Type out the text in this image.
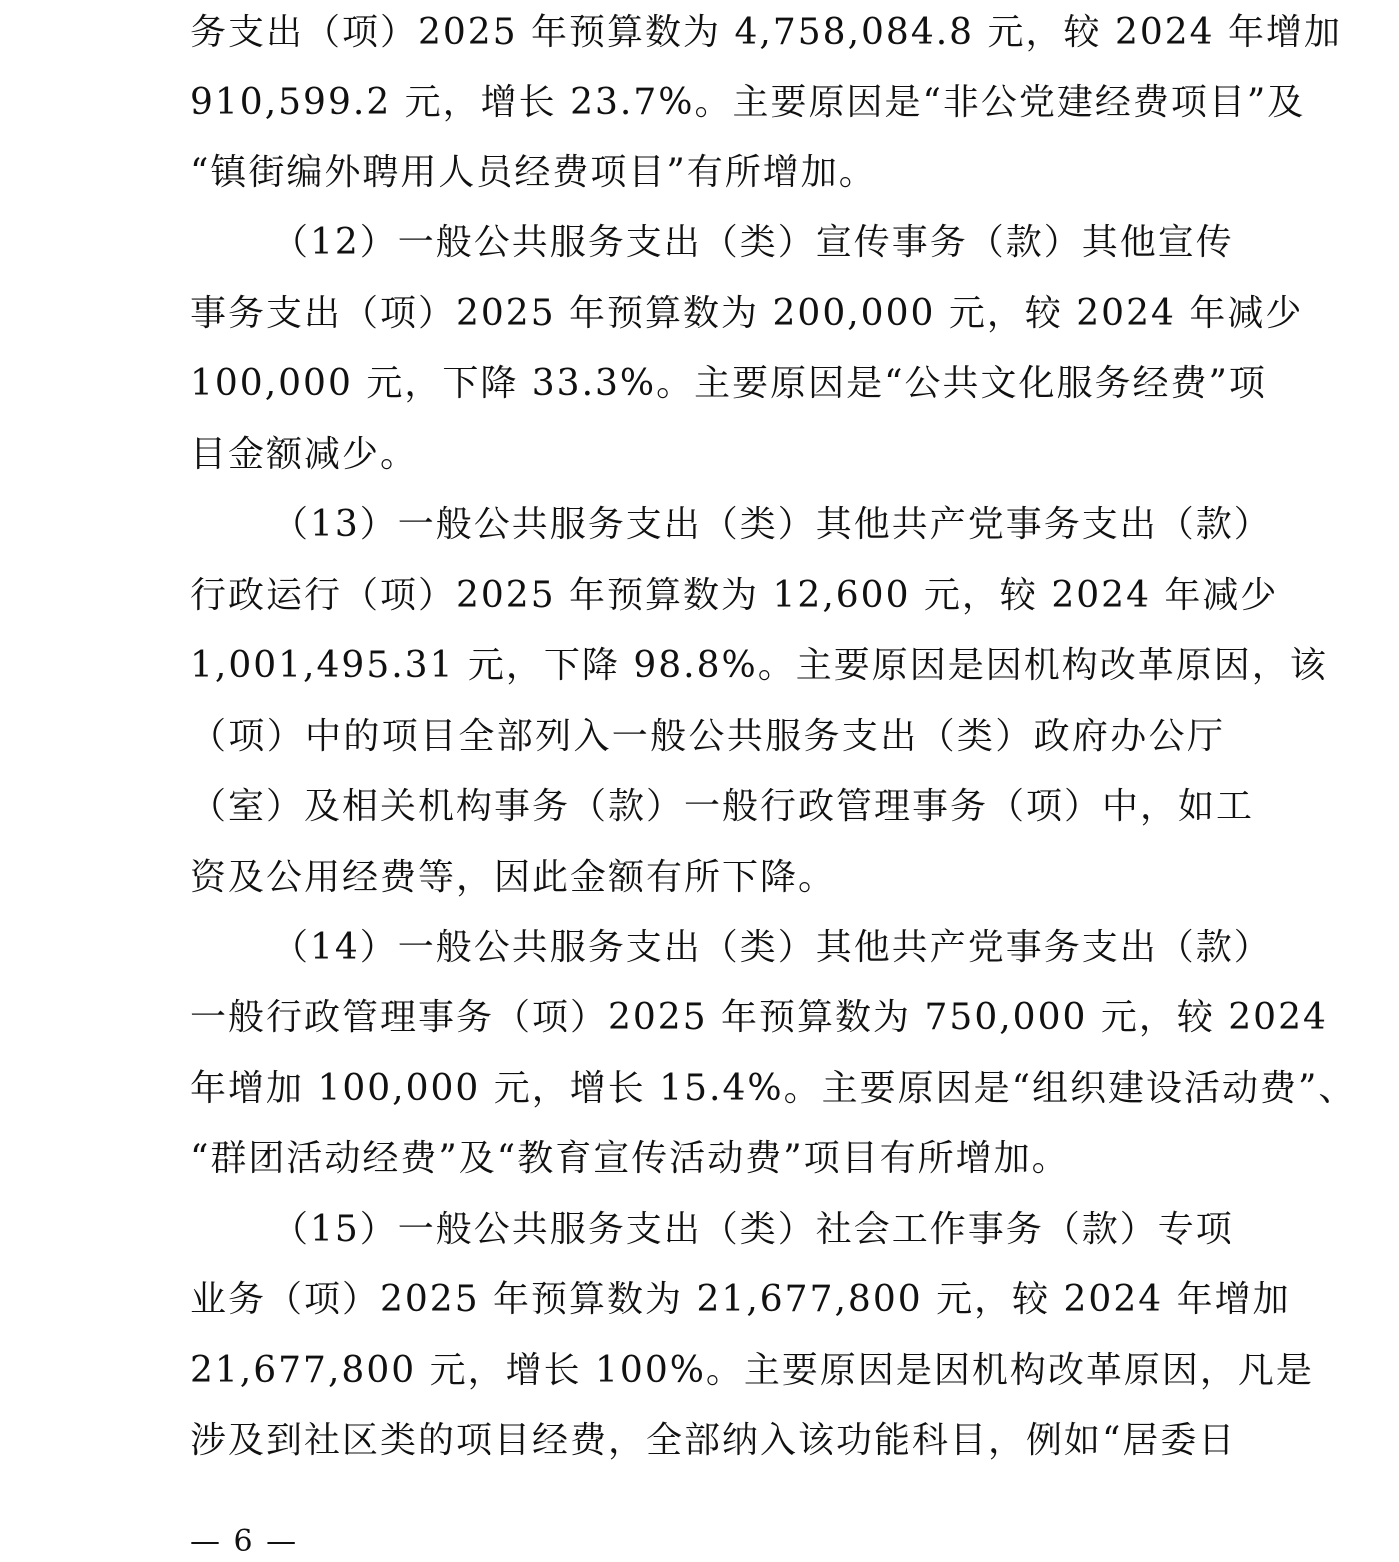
务支出（项）2025 年预算数为 4,758,084.8 元，较 2024 年增加
910,599.2 元，增长 23.7%。主要原因是“非公党建经费项目”及
“镇街编外聘用人员经费项目”有所增加。
（12）一般公共服务支出（类）宣传事务（款）其他宣传
事务支出（项）2025 年预算数为 200,000 元，较 2024 年减少
100,000 元，下降 33.3%。主要原因是“公共文化服务经费”项
目金额减少。
（13）一般公共服务支出（类）其他共产党事务支出（款）
行政运行（项）2025 年预算数为 12,600 元，较 2024 年减少
1,001,495.31 元，下降 98.8%。主要原因是因机构改革原因，该
（项）中的项目全部列入一般公共服务支出（类）政府办公厅
（室）及相关机构事务（款）一般行政管理事务（项）中，如工
资及公用经费等，因此金额有所下降。
（14）一般公共服务支出（类）其他共产党事务支出（款）
一般行政管理事务（项）2025 年预算数为 750,000 元，较 2024
年增加 100,000 元，增长 15.4%。主要原因是“组织建设活动费”、
“群团活动经费”及“教育宣传活动费”项目有所增加。
（15）一般公共服务支出（类）社会工作事务（款）专项
业务（项）2025 年预算数为 21,677,800 元，较 2024 年增加
21,677,800 元，增长 100%。主要原因是因机构改革原因，凡是
涉及到社区类的项目经费，全部纳入该功能科目，例如“居委日
— 6 —
